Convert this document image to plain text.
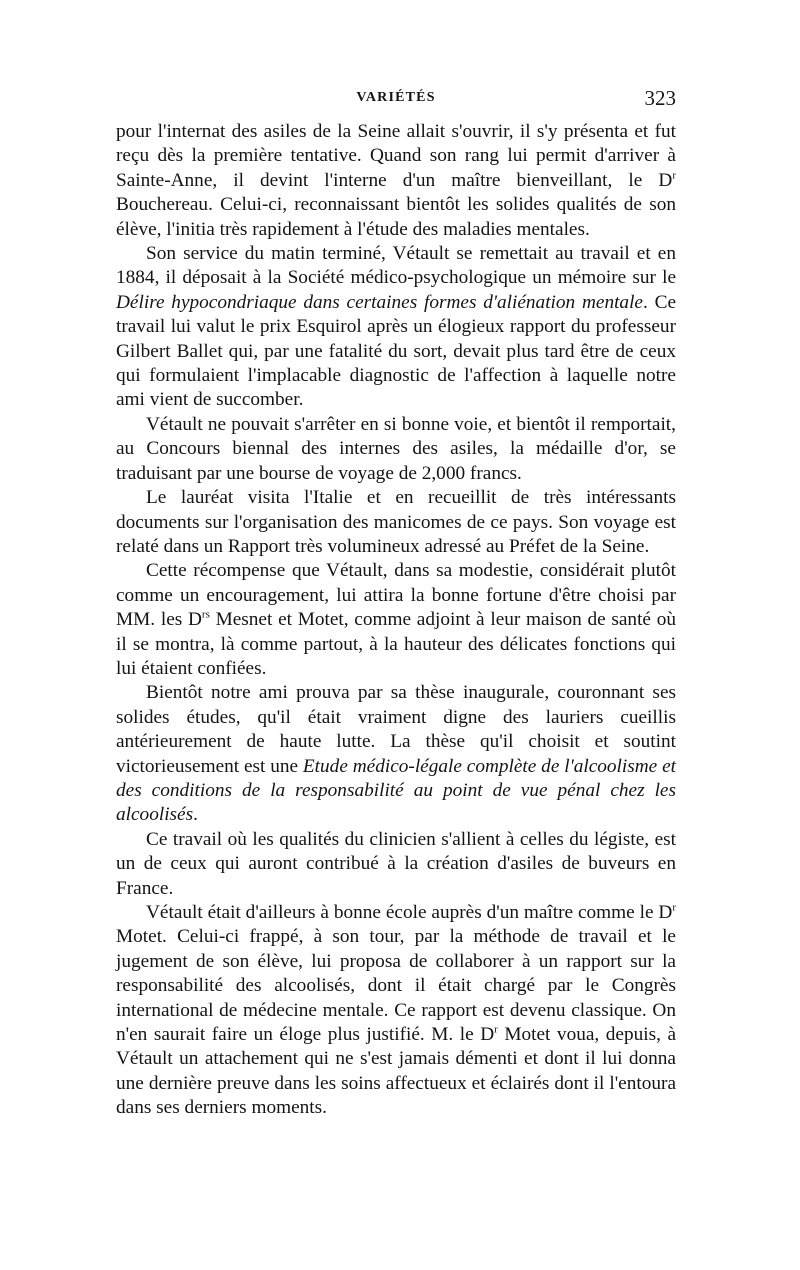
VARIÉTÉS	323

pour l'internat des asiles de la Seine allait s'ouvrir, il s'y présenta et fut reçu dès la première tentative. Quand son rang lui permit d'arriver à Sainte-Anne, il devint l'interne d'un maître bienveillant, le $D^r$ Bouchereau. Celui-ci, reconnaissant bientôt les solides qualités de son élève, l'initia très rapidement à l'étude des maladies mentales.

Son service du matin terminé, Vétault se remettait au travail et en 1884, il déposait à la Société médico-psychologique un mémoire sur le Délire hypocondriaque dans certaines formes d'aliénation mentale. Ce travail lui valut le prix Esquirol après un élogieux rapport du professeur Gilbert Ballet qui, par une fatalité du sort, devait plus tard être de ceux qui formulaient l'implacable diagnostic de l'affection à laquelle notre ami vient de succomber.

Vétault ne pouvait s'arrêter en si bonne voie, et bientôt il remportait, au Concours biennal des internes des asiles, la médaille d'or, se traduisant par une bourse de voyage de 2,000 francs.

Le lauréat visita l'Italie et en recueillit de très intéressants documents sur l'organisation des manicomes de ce pays. Son voyage est relaté dans un Rapport très volumineux adressé au Préfet de la Seine.

Cette récompense que Vétault, dans sa modestie, considérait plutôt comme un encouragement, lui attira la bonne fortune d'être choisi par MM. les $D^{rs}$ Mesnet et Motet, comme adjoint à leur maison de santé où il se montra, là comme partout, à la hauteur des délicates fonctions qui lui étaient confiées.

Bientôt notre ami prouva par sa thèse inaugurale, couronnant ses solides études, qu'il était vraiment digne des lauriers cueillis antérieurement de haute lutte. La thèse qu'il choisit et soutint victorieusement est une Etude médico-légale complète de l'alcoolisme et des conditions de la responsabilité au point de vue pénal chez les alcoolisés.

Ce travail où les qualités du clinicien s'allient à celles du légiste, est un de ceux qui auront contribué à la création d'asiles de buveurs en France.

Vétault était d'ailleurs à bonne école auprès d'un maître comme le $D^r$ Motet. Celui-ci frappé, à son tour, par la méthode de travail et le jugement de son élève, lui proposa de collaborer à un rapport sur la responsabilité des alcoolisés, dont il était chargé par le Congrès international de médecine mentale. Ce rapport est devenu classique. On n'en saurait faire un éloge plus justifié. M. le $D^r$ Motet voua, depuis, à Vétault un attachement qui ne s'est jamais démenti et dont il lui donna une dernière preuve dans les soins affectueux et éclairés dont il l'entoura dans ses derniers moments.
